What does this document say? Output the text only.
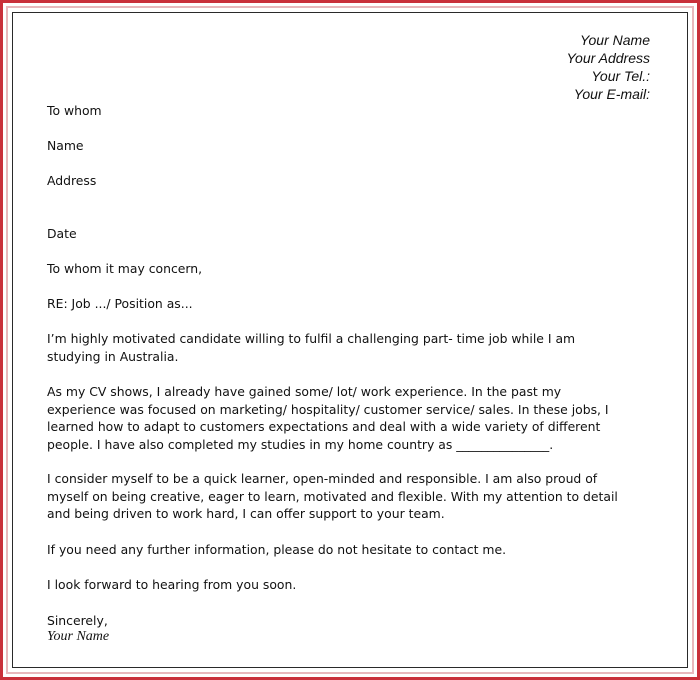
Your Name
Your Address
Your Tel.:
Your E-mail:
To whom
Name
Address
Date
To whom it may concern,
RE: Job .../ Position as...
I’m highly motivated candidate willing to fulfil a challenging part- time job while I am
studying in Australia.
As my CV shows, I already have gained some/ lot/ work experience. In the past my
experience was focused on marketing/ hospitality/ customer service/ sales. In these jobs, I
learned how to adapt to customers expectations and deal with a wide variety of different
people. I have also completed my studies in my home country as _______________.
I consider myself to be a quick learner, open-minded and responsible. I am also proud of
myself on being creative, eager to learn, motivated and flexible. With my attention to detail
and being driven to work hard, I can offer support to your team.
If you need any further information, please do not hesitate to contact me.
I look forward to hearing from you soon.
Sincerely,
Your Name
